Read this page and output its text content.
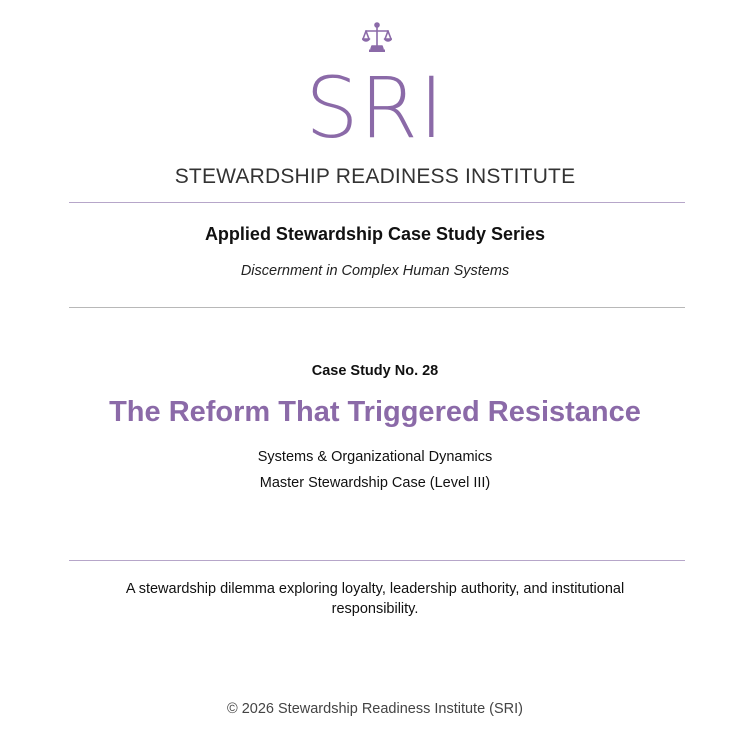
SRI
STEWARDSHIP READINESS INSTITUTE
Applied Stewardship Case Study Series
Discernment in Complex Human Systems
Case Study No. 28
The Reform That Triggered Resistance
Systems & Organizational Dynamics
Master Stewardship Case (Level III)
A stewardship dilemma exploring loyalty, leadership authority, and institutional responsibility.
© 2026 Stewardship Readiness Institute (SRI)
